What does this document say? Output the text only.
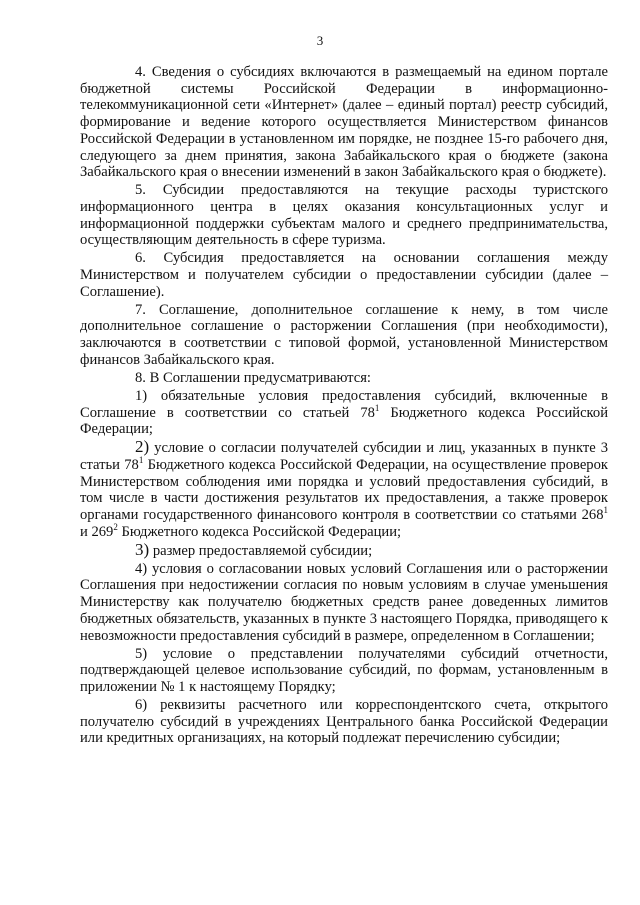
3

4. Сведения о субсидиях включаются в размещаемый на едином портале бюджетной системы Российской Федерации в информационно-телекоммуникационной сети «Интернет» (далее – единый портал) реестр субсидий, формирование и ведение которого осуществляется Министерством финансов Российской Федерации в установленном им порядке, не позднее 15-го рабочего дня, следующего за днем принятия, закона Забайкальского края о бюджете (закона Забайкальского края о внесении изменений в закон Забайкальского края о бюджете).

5. Субсидии предоставляются на текущие расходы туристского информационного центра в целях оказания консультационных услуг и информационной поддержки субъектам малого и среднего предпринимательства, осуществляющим деятельность в сфере туризма.

6. Субсидия предоставляется на основании соглашения между Министерством и получателем субсидии о предоставлении субсидии (далее – Соглашение).

7. Соглашение, дополнительное соглашение к нему, в том числе дополнительное соглашение о расторжении Соглашения (при необходимости), заключаются в соответствии с типовой формой, установленной Министерством финансов Забайкальского края.

8. В Соглашении предусматриваются:

1) обязательные условия предоставления субсидий, включенные в Соглашение в соответствии со статьей $78^1$ Бюджетного кодекса Российской Федерации;

2) условие о согласии получателей субсидии и лиц, указанных в пункте 3 статьи $78^1$ Бюджетного кодекса Российской Федерации, на осуществление проверок Министерством соблюдения ими порядка и условий предоставления субсидий, в том числе в части достижения результатов их предоставления, а также проверок органами государственного финансового контроля в соответствии со статьями $268^1$ и $269^2$ Бюджетного кодекса Российской Федерации;

3) размер предоставляемой субсидии;

4) условия о согласовании новых условий Соглашения или о расторжении Соглашения при недостижении согласия по новым условиям в случае уменьшения Министерству как получателю бюджетных средств ранее доведенных лимитов бюджетных обязательств, указанных в пункте 3 настоящего Порядка, приводящего к невозможности предоставления субсидий в размере, определенном в Соглашении;

5) условие о представлении получателями субсидий отчетности, подтверждающей целевое использование субсидий, по формам, установленным в приложении № 1 к настоящему Порядку;

6) реквизиты расчетного или корреспондентского счета, открытого получателю субсидий в учреждениях Центрального банка Российской Федерации или кредитных организациях, на который подлежат перечислению субсидии;
